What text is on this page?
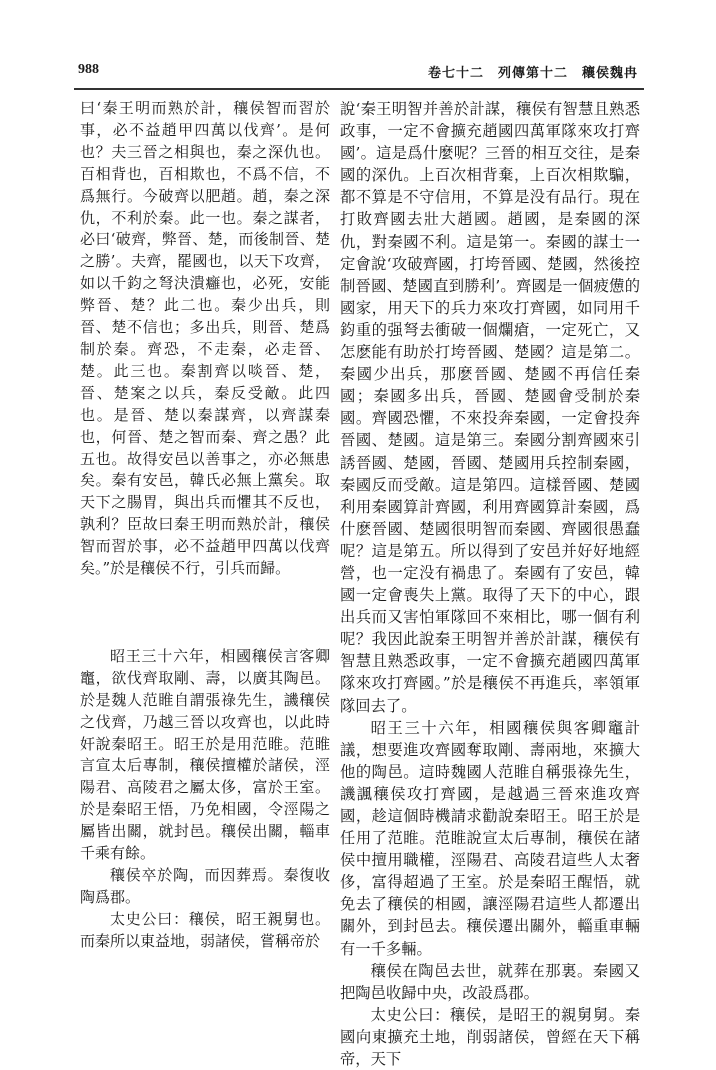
988	卷七十二　列傳第十二　穰侯魏冉

曰‘秦王明而熟於計，穰侯智而習於事，必不益趙甲四萬以伐齊’。是何也？夫三晉之相與也，秦之深仇也。百相背也，百相欺也，不爲不信，不爲無行。今破齊以肥趙。趙，秦之深仇，不利於秦。此一也。秦之謀者，必曰‘破齊，弊晉、楚，而後制晉、楚之勝’。夫齊，罷國也，以天下攻齊，如以千鈞之弩決潰癰也，必死，安能弊晉、楚？此二也。秦少出兵，則晉、楚不信也；多出兵，則晉、楚爲制於秦。齊恐，不走秦，必走晉、楚。此三也。秦割齊以啖晉、楚，晉、楚案之以兵，秦反受敵。此四也。是晉、楚以秦謀齊，以齊謀秦也，何晉、楚之智而秦、齊之愚？此五也。故得安邑以善事之，亦必無患矣。秦有安邑，韓氏必無上黨矣。取天下之腸胃，與出兵而懼其不反也，孰利？臣故曰秦王明而熟於計，穰侯智而習於事，必不益趙甲四萬以伐齊矣。”於是穰侯不行，引兵而歸。

昭王三十六年，相國穰侯言客卿竈，欲伐齊取剛、壽，以廣其陶邑。於是魏人范睢自謂張祿先生，譏穰侯之伐齊，乃越三晉以攻齊也，以此時奸說秦昭王。昭王於是用范睢。范睢言宣太后專制，穰侯擅權於諸侯，涇陽君、高陵君之屬太侈，富於王室。於是秦昭王悟，乃免相國，令涇陽之屬皆出關，就封邑。穰侯出關，輜車千乘有餘。

穰侯卒於陶，而因葬焉。秦復收陶爲郡。

太史公曰：穰侯，昭王親舅也。而秦所以東益地，弱諸侯，嘗稱帝於

說‘秦王明智并善於計謀，穰侯有智慧且熟悉政事，一定不會擴充趙國四萬軍隊來攻打齊國’。這是爲什麼呢？三晉的相互交往，是秦國的深仇。上百次相背棄，上百次相欺騙，都不算是不守信用，不算是没有品行。現在打敗齊國去壯大趙國。趙國，是秦國的深仇，對秦國不利。這是第一。秦國的謀士一定會說‘攻破齊國，打垮晉國、楚國，然後控制晉國、楚國直到勝利’。齊國是一個疲憊的國家，用天下的兵力來攻打齊國，如同用千鈞重的强弩去衝破一個爛瘡，一定死亡，又怎麽能有助於打垮晉國、楚國？這是第二。秦國少出兵，那麽晉國、楚國不再信任秦國；秦國多出兵，晉國、楚國會受制於秦國。齊國恐懼，不來投奔秦國，一定會投奔晉國、楚國。這是第三。秦國分割齊國來引誘晉國、楚國，晉國、楚國用兵控制秦國，秦國反而受敵。這是第四。這樣晉國、楚國利用秦國算計齊國，利用齊國算計秦國，爲什麽晉國、楚國很明智而秦國、齊國很愚蠢呢？這是第五。所以得到了安邑并好好地經營，也一定没有禍患了。秦國有了安邑，韓國一定會喪失上黨。取得了天下的中心，跟出兵而又害怕軍隊回不來相比，哪一個有利呢？我因此說秦王明智并善於計謀，穰侯有智慧且熟悉政事，一定不會擴充趙國四萬軍隊來攻打齊國。”於是穰侯不再進兵，率領軍隊回去了。

昭王三十六年，相國穰侯與客卿竈計議，想要進攻齊國奪取剛、壽兩地，來擴大他的陶邑。這時魏國人范睢自稱張祿先生，譏諷穰侯攻打齊國，是越過三晉來進攻齊國，趁這個時機請求勸說秦昭王。昭王於是任用了范睢。范睢說宣太后專制，穰侯在諸侯中擅用職權，涇陽君、高陵君這些人太奢侈，富得超過了王室。於是秦昭王醒悟，就免去了穰侯的相國，讓涇陽君這些人都遷出關外，到封邑去。穰侯遷出關外，輜重車輛有一千多輛。

穰侯在陶邑去世，就葬在那裏。秦國又把陶邑收歸中央，改設爲郡。

太史公曰：穰侯，是昭王的親舅舅。秦國向東擴充土地，削弱諸侯，曾經在天下稱帝，天下
